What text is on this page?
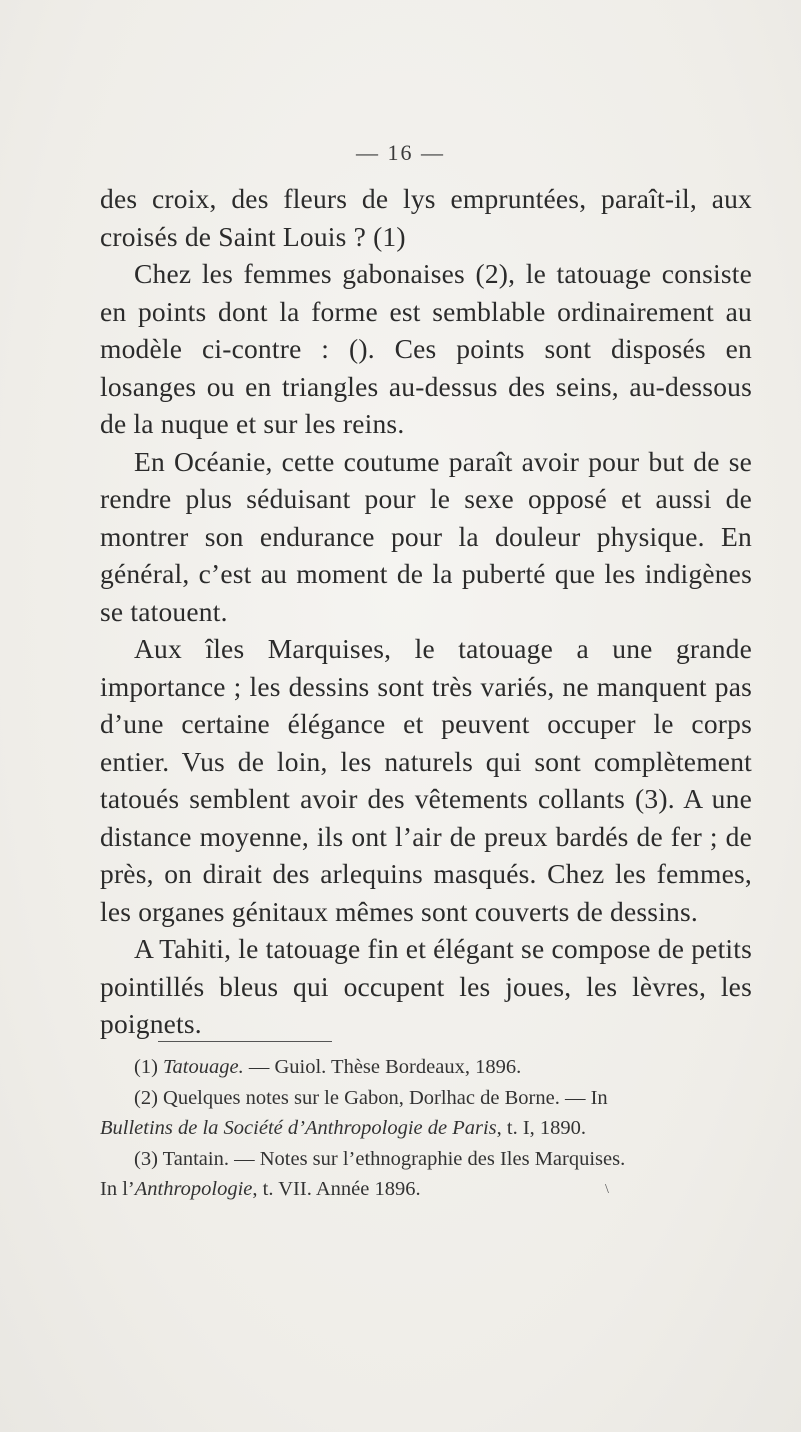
— 16 —

des croix, des fleurs de lys empruntées, paraît-il, aux croisés de Saint Louis ? (1)

Chez les femmes gabonaises (2), le tatouage consiste en points dont la forme est semblable ordinairement au modèle ci-contre : (). Ces points sont disposés en losanges ou en triangles au-dessus des seins, au-dessous de la nuque et sur les reins.

En Océanie, cette coutume paraît avoir pour but de se rendre plus séduisant pour le sexe opposé et aussi de montrer son endurance pour la douleur physique. En général, c’est au moment de la puberté que les indigènes se tatouent.

Aux îles Marquises, le tatouage a une grande importance ; les dessins sont très variés, ne manquent pas d’une certaine élégance et peuvent occuper le corps entier. Vus de loin, les naturels qui sont complètement tatoués semblent avoir des vêtements collants (3). A une distance moyenne, ils ont l’air de preux bardés de fer ; de près, on dirait des arlequins masqués. Chez les femmes, les organes génitaux mêmes sont couverts de dessins.

A Tahiti, le tatouage fin et élégant se compose de petits pointillés bleus qui occupent les joues, les lèvres, les poignets.

(1) Tatouage. — Guiol. Thèse Bordeaux, 1896.

(2) Quelques notes sur le Gabon, Dorlhac de Borne. — In

Bulletins de la Société d’Anthropologie de Paris, t. I, 1890.

(3) Tantain. — Notes sur l’ethnographie des Iles Marquises.

In l’Anthropologie, t. VII. Année 1896.	\
